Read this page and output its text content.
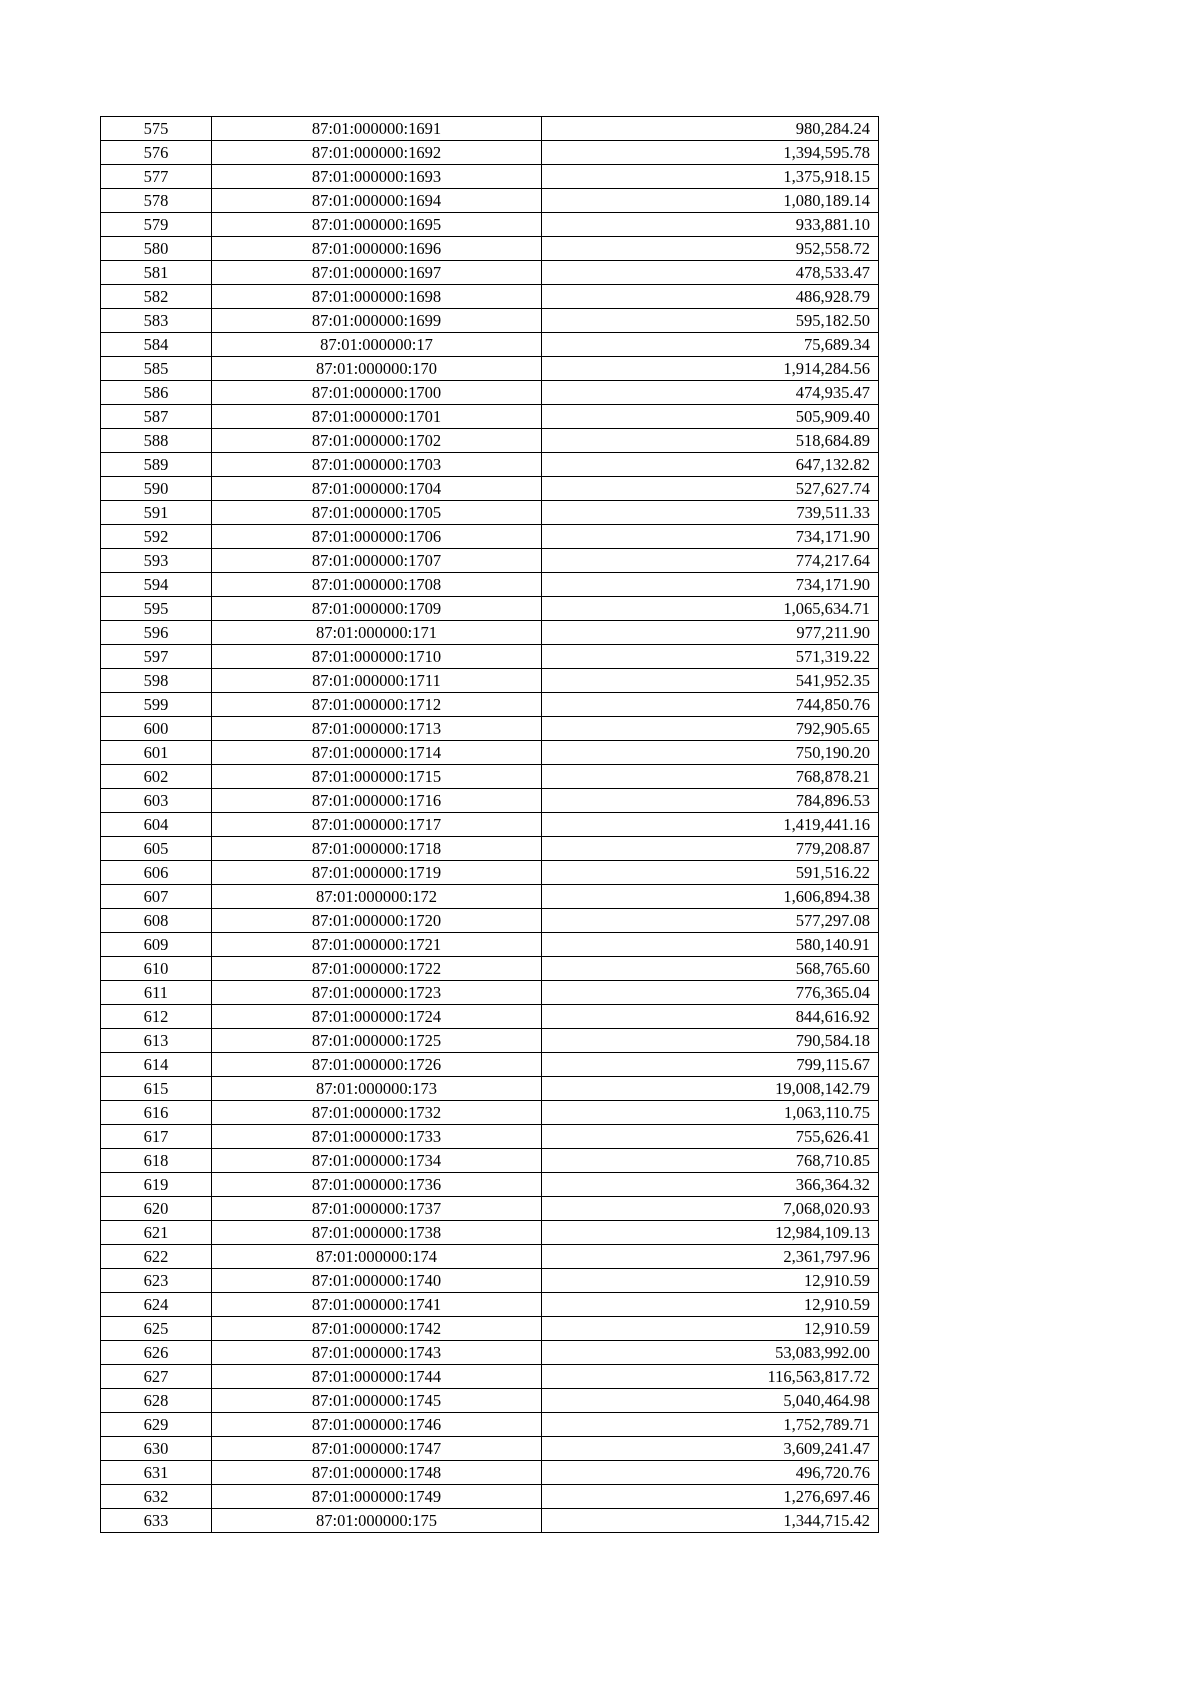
575	87:01:000000:1691	980,284.24
576	87:01:000000:1692	1,394,595.78
577	87:01:000000:1693	1,375,918.15
578	87:01:000000:1694	1,080,189.14
579	87:01:000000:1695	933,881.10
580	87:01:000000:1696	952,558.72
581	87:01:000000:1697	478,533.47
582	87:01:000000:1698	486,928.79
583	87:01:000000:1699	595,182.50
584	87:01:000000:17	75,689.34
585	87:01:000000:170	1,914,284.56
586	87:01:000000:1700	474,935.47
587	87:01:000000:1701	505,909.40
588	87:01:000000:1702	518,684.89
589	87:01:000000:1703	647,132.82
590	87:01:000000:1704	527,627.74
591	87:01:000000:1705	739,511.33
592	87:01:000000:1706	734,171.90
593	87:01:000000:1707	774,217.64
594	87:01:000000:1708	734,171.90
595	87:01:000000:1709	1,065,634.71
596	87:01:000000:171	977,211.90
597	87:01:000000:1710	571,319.22
598	87:01:000000:1711	541,952.35
599	87:01:000000:1712	744,850.76
600	87:01:000000:1713	792,905.65
601	87:01:000000:1714	750,190.20
602	87:01:000000:1715	768,878.21
603	87:01:000000:1716	784,896.53
604	87:01:000000:1717	1,419,441.16
605	87:01:000000:1718	779,208.87
606	87:01:000000:1719	591,516.22
607	87:01:000000:172	1,606,894.38
608	87:01:000000:1720	577,297.08
609	87:01:000000:1721	580,140.91
610	87:01:000000:1722	568,765.60
611	87:01:000000:1723	776,365.04
612	87:01:000000:1724	844,616.92
613	87:01:000000:1725	790,584.18
614	87:01:000000:1726	799,115.67
615	87:01:000000:173	19,008,142.79
616	87:01:000000:1732	1,063,110.75
617	87:01:000000:1733	755,626.41
618	87:01:000000:1734	768,710.85
619	87:01:000000:1736	366,364.32
620	87:01:000000:1737	7,068,020.93
621	87:01:000000:1738	12,984,109.13
622	87:01:000000:174	2,361,797.96
623	87:01:000000:1740	12,910.59
624	87:01:000000:1741	12,910.59
625	87:01:000000:1742	12,910.59
626	87:01:000000:1743	53,083,992.00
627	87:01:000000:1744	116,563,817.72
628	87:01:000000:1745	5,040,464.98
629	87:01:000000:1746	1,752,789.71
630	87:01:000000:1747	3,609,241.47
631	87:01:000000:1748	496,720.76
632	87:01:000000:1749	1,276,697.46
633	87:01:000000:175	1,344,715.42
